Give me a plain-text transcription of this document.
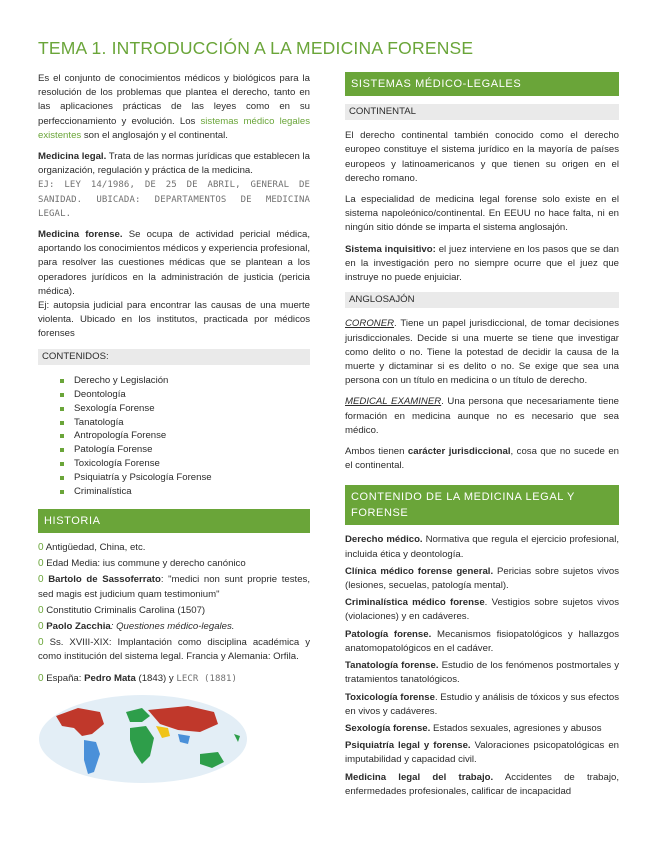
TEMA 1. INTRODUCCIÓN A LA MEDICINA FORENSE

Es el conjunto de conocimientos médicos y biológicos para la resolución de los problemas que plantea el derecho, tanto en las aplicaciones prácticas de las leyes como en su perfeccionamiento y evolución. Los sistemas médico legales existentes son el anglosajón y el continental.

Medicina legal. Trata de las normas jurídicas que establecen la organización, regulación y práctica de la medicina.

EJ: LEY 14/1986, DE 25 DE ABRIL, GENERAL DE SANIDAD. UBICADA: DEPARTAMENTOS DE MEDICINA LEGAL.

Medicina forense. Se ocupa de actividad pericial médica, aportando los conocimientos médicos y experiencia profesional, para resolver las cuestiones médicas que se plantean a los operadores jurídicos en la administración de justicia (pericia médica).

Ej: autopsia judicial para encontrar las causas de una muerte violenta. Ubicado en los institutos, practicada por médicos forenses

CONTENIDOS:
Derecho y Legislación
Deontología
Sexología Forense
Tanatología
Antropología Forense
Patología Forense
Toxicología Forense
Psiquiatría y Psicología Forense
Criminalística
HISTORIA

0 Antigüedad, China, etc.

0 Edad Media: ius commune y derecho canónico

0 Bartolo de Sassoferrato: "medici non sunt proprie testes, sed magis est judicium quam testimonium"

0 Constitutio Criminalis Carolina (1507)

0 Paolo Zacchia: Questiones médico-legales.

0 Ss. XVIII-XIX: Implantación como disciplina académica y como institución del sistema legal. Francia y Alemania: Orfila.

0 España: Pedro Mata (1843) y LECR (1881)

SISTEMAS MÉDICO-LEGALES
CONTINENTAL

El derecho continental también conocido como el derecho europeo constituye el sistema jurídico en la mayoría de países europeos y latinoamericanos y que tienen su origen en el derecho romano.

La especialidad de medicina legal forense solo existe en el sistema napoleónico/continental. En EEUU no hace falta, ni en ningún sitio dónde se imparta el sistema anglosajón.

Sistema inquisitivo: el juez interviene en los pasos que se dan en la investigación pero no siempre ocurre que el juez que instruye no puede enjuiciar.

ANGLOSAJÓN

CORONER. Tiene un papel jurisdiccional, de tomar decisiones jurisdiccionales. Decide si una muerte se tiene que investigar como delito o no. Tiene la potestad de decidir la causa de la muerte y dictaminar si es delito o no. Se exige que sea una persona con un título en medicina o un título de derecho.

MEDICAL EXAMINER. Una persona que necesariamente tiene formación en medicina aunque no es necesario que sea médico.

Ambos tienen carácter jurisdiccional, cosa que no sucede en el continental.

CONTENIDO DE LA MEDICINA LEGAL Y FORENSE

Derecho médico. Normativa que regula el ejercicio profesional, incluida ética y deontología.

Clínica médico forense general. Pericias sobre sujetos vivos (lesiones, secuelas, patología mental).

Criminalística médico forense. Vestigios sobre sujetos vivos (violaciones) y en cadáveres.

Patología forense. Mecanismos fisiopatológicos y hallazgos anatomopatológicos en el cadáver.

Tanatología forense. Estudio de los fenómenos postmortales y tratamientos tanatológicos.

Toxicología forense. Estudio y análisis de tóxicos y sus efectos en vivos y cadáveres.

Sexología forense. Estados sexuales, agresiones y abusos

Psiquiatría legal y forense. Valoraciones psicopatológicas en imputabilidad y capacidad civil.

Medicina legal del trabajo. Accidentes de trabajo, enfermedades profesionales, calificar de incapacidad
